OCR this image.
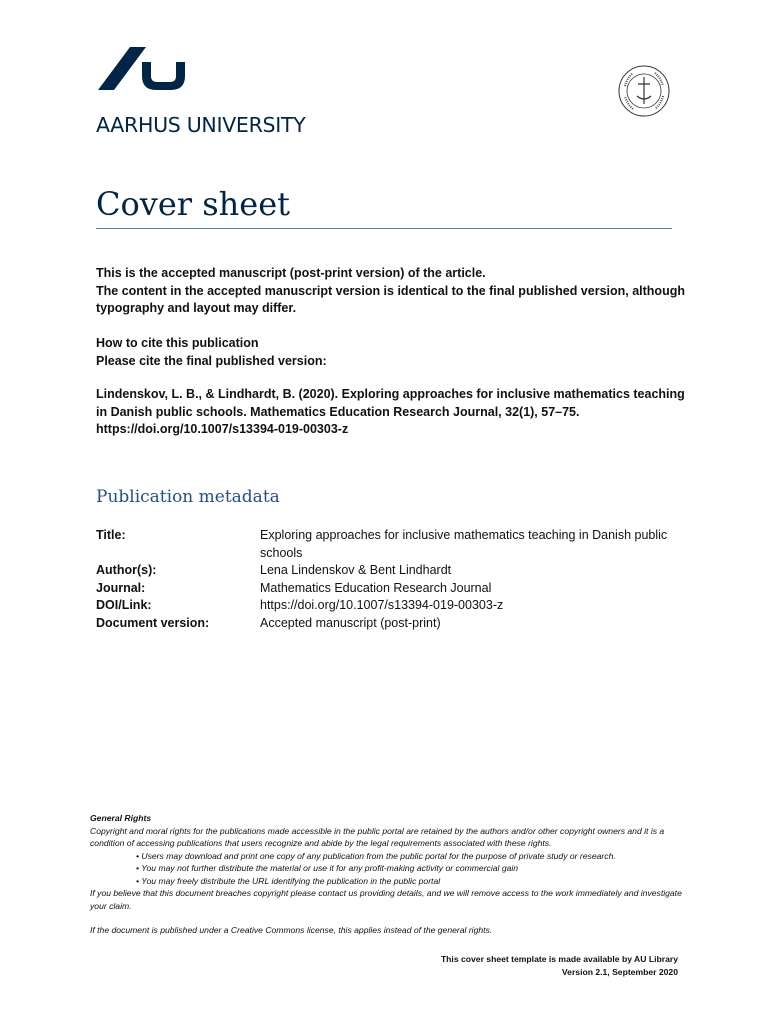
AARHUS UNIVERSITY
Cover sheet

This is the accepted manuscript (post-print version) of the article.

The content in the accepted manuscript version is identical to the final published version, although typography and layout may differ.

How to cite this publication

Please cite the final published version:

Lindenskov, L. B., & Lindhardt, B. (2020). Exploring approaches for inclusive mathematics teaching in Danish public schools. Mathematics Education Research Journal, 32(1), 57–75.
https://doi.org/10.1007/s13394-019-00303-z
Publication metadata
Title:	Exploring approaches for inclusive mathematics teaching in Danish public schools
Author(s):	Lena Lindenskov & Bent Lindhardt
Journal:	Mathematics Education Research Journal
DOI/Link:	https://doi.org/10.1007/s13394-019-00303-z
Document version:	Accepted manuscript (post-print)
General Rights
Copyright and moral rights for the publications made accessible in the public portal are retained by the authors and/or other copyright owners and it is a condition of accessing publications that users recognize and abide by the legal requirements associated with these rights.
• Users may download and print one copy of any publication from the public portal for the purpose of private study or research.
• You may not further distribute the material or use it for any profit-making activity or commercial gain
• You may freely distribute the URL identifying the publication in the public portal
If you believe that this document breaches copyright please contact us providing details, and we will remove access to the work immediately and investigate your claim.
If the document is published under a Creative Commons license, this applies instead of the general rights.
This cover sheet template is made available by AU Library
Version 2.1, September 2020
